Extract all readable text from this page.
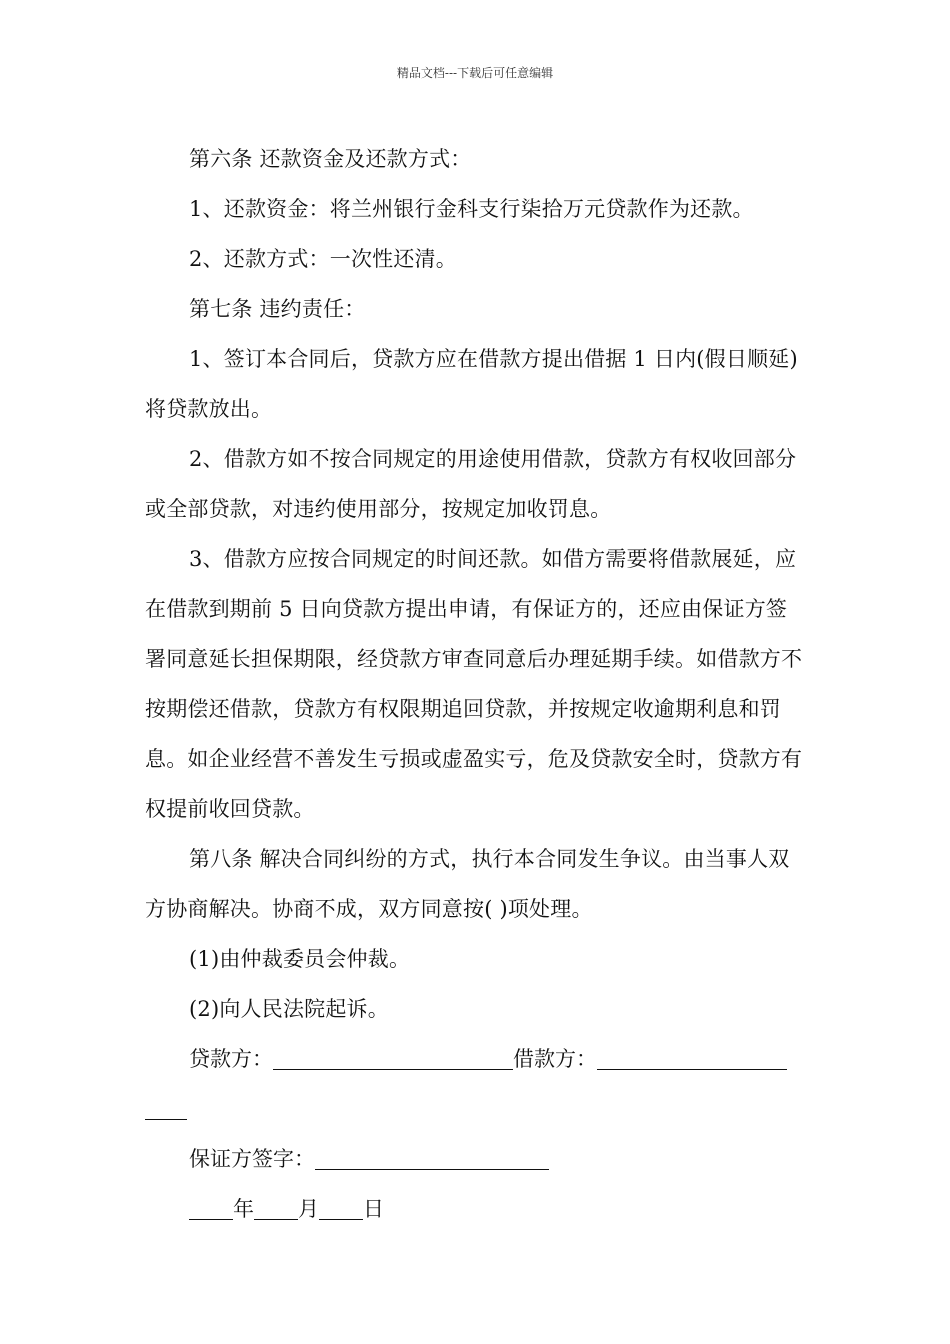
精品文档---下载后可任意编辑

第六条 还款资金及还款方式：

1、还款资金：将兰州银行金科支行柒拾万元贷款作为还款。

2、还款方式：一次性还清。

第七条 违约责任：

1、签订本合同后，贷款方应在借款方提出借据 1 日内(假日顺延)将贷款放出。

2、借款方如不按合同规定的用途使用借款，贷款方有权收回部分或全部贷款，对违约使用部分，按规定加收罚息。

3、借款方应按合同规定的时间还款。如借方需要将借款展延，应在借款到期前 5 日向贷款方提出申请，有保证方的，还应由保证方签署同意延长担保期限，经贷款方审查同意后办理延期手续。如借款方不按期偿还借款，贷款方有权限期追回贷款，并按规定收逾期利息和罚息。如企业经营不善发生亏损或虚盈实亏，危及贷款安全时，贷款方有权提前收回贷款。

第八条 解决合同纠纷的方式，执行本合同发生争议。由当事人双方协商解决。协商不成，双方同意按( )项处理。

(1)由仲裁委员会仲裁。

(2)向人民法院起诉。

贷款方：	借款方：

保证方签字：

年 月 日
